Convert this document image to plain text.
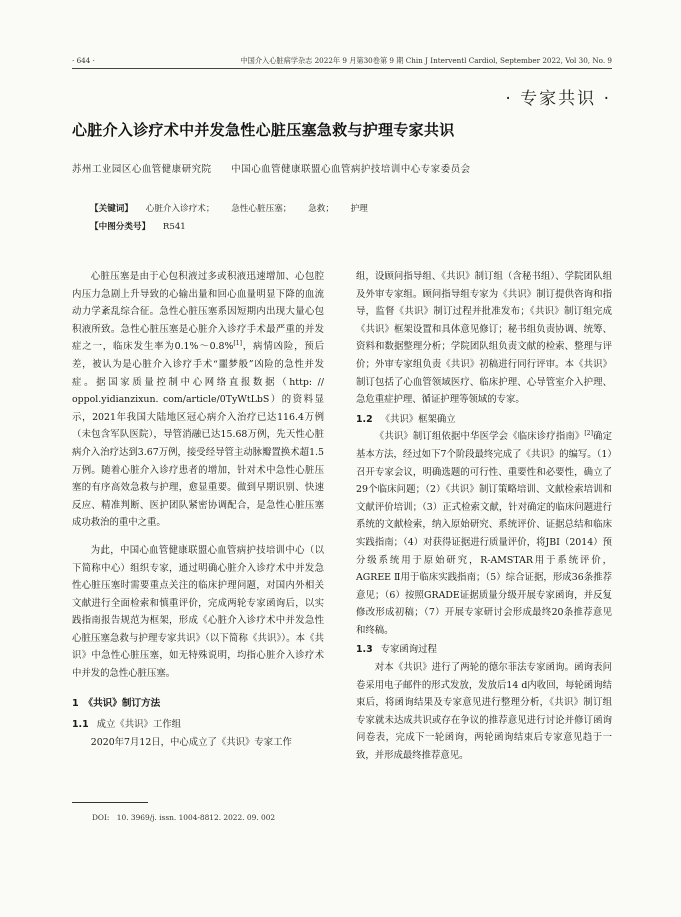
· 644 ·	中国介入心脏病学杂志 2022年 9 月第30卷第 9 期 Chin J Interventl Cardiol, September 2022, Vol 30, No. 9
· 专家共识 ·
心脏介入诊疗术中并发急性心脏压塞急救与护理专家共识
苏州工业园区心血管健康研究院 中国心血管健康联盟心血管病护技培训中心专家委员会
【关键词】 心脏介入诊疗术； 急性心脏压塞； 急救； 护理
【中图分类号】 R541

心脏压塞是由于心包积液过多或积液迅速增加、心包腔内压力急剧上升导致的心输出量和回心血量明显下降的血流动力学紊乱综合征。急性心脏压塞系因短期内出现大量心包积液所致。急性心脏压塞是心脏介入诊疗手术最严重的并发症之一，临床发生率为0.1%～0.8%[1]，病情凶险，预后差，被认为是心脏介入诊疗手术“噩梦般”凶险的急性并发症。据国家质量控制中心网络直报数据（http: // oppol.yidianzixun. com/article/0TyWtLbS）的资料显示，2021年我国大陆地区冠心病介入治疗已达116.4万例（未包含军队医院），导管消融已达15.68万例，先天性心脏病介入治疗达到3.67万例，接受经导管主动脉瓣置换术超1.5万例。随着心脏介入诊疗患者的增加，针对术中急性心脏压塞的有序高效急救与护理，愈显重要。做到早期识别、快速反应、精准判断、医护团队紧密协调配合，是急性心脏压塞成功救治的重中之重。

为此，中国心血管健康联盟心血管病护技培训中心（以下简称中心）组织专家，通过明确心脏介入诊疗术中并发急性心脏压塞时需要重点关注的临床护理问题，对国内外相关文献进行全面检索和慎重评价，完成两轮专家函询后，以实践指南报告规范为框架，形成《心脏介入诊疗术中并发急性心脏压塞急救与护理专家共识》（以下简称《共识》）。本《共识》中急性心脏压塞，如无特殊说明，均指心脏介入诊疗术中并发的急性心脏压塞。

1　《共识》制订方法
1.1 成立《共识》工作组

2020年7月12日，中心成立了《共识》专家工作

组，设顾问指导组、《共识》制订组（含秘书组）、学院团队组及外审专家组。顾问指导组专家为《共识》制订提供咨询和指导，监督《共识》制订过程并批准发布；《共识》制订组完成《共识》框架设置和具体意见修订；秘书组负责协调、统筹、资料和数据整理分析；学院团队组负责文献的检索、整理与评价；外审专家组负责《共识》初稿进行同行评审。本《共识》制订包括了心血管领域医疗、临床护理、心导管室介入护理、急危重症护理、循证护理等领域的专家。

1.2 《共识》框架确立

《共识》制订组依据中华医学会《临床诊疗指南》[2]确定基本方法，经过如下7个阶段最终完成了《共识》的编写。（1）召开专家会议，明确选题的可行性、重要性和必要性，确立了29个临床问题；（2）《共识》制订策略培训、文献检索培训和文献评价培训；（3）正式检索文献，针对确定的临床问题进行系统的文献检索，纳入原始研究、系统评价、证据总结和临床实践指南；（4）对获得证据进行质量评价，将JBI（2014）预分级系统用于原始研究，R-AMSTAR用于系统评价，AGREE Ⅱ用于临床实践指南；（5）综合证据，形成36条推荐意见；（6）按照GRADE证据质量分级开展专家函询，并反复修改形成初稿；（7）开展专家研讨会形成最终20条推荐意见和终稿。

1.3 专家函询过程

对本《共识》进行了两轮的德尔菲法专家函询。函询表问卷采用电子邮件的形式发放，发放后14 d内收回，每轮函询结束后，将函询结果及专家意见进行整理分析，《共识》制订组专家就未达成共识或存在争议的推荐意见进行讨论并修订函询问卷表，完成下一轮函询，两轮函询结束后专家意见趋于一致，并形成最终推荐意见。

DOI:　10. 3969/j. issn. 1004-8812. 2022. 09. 002
